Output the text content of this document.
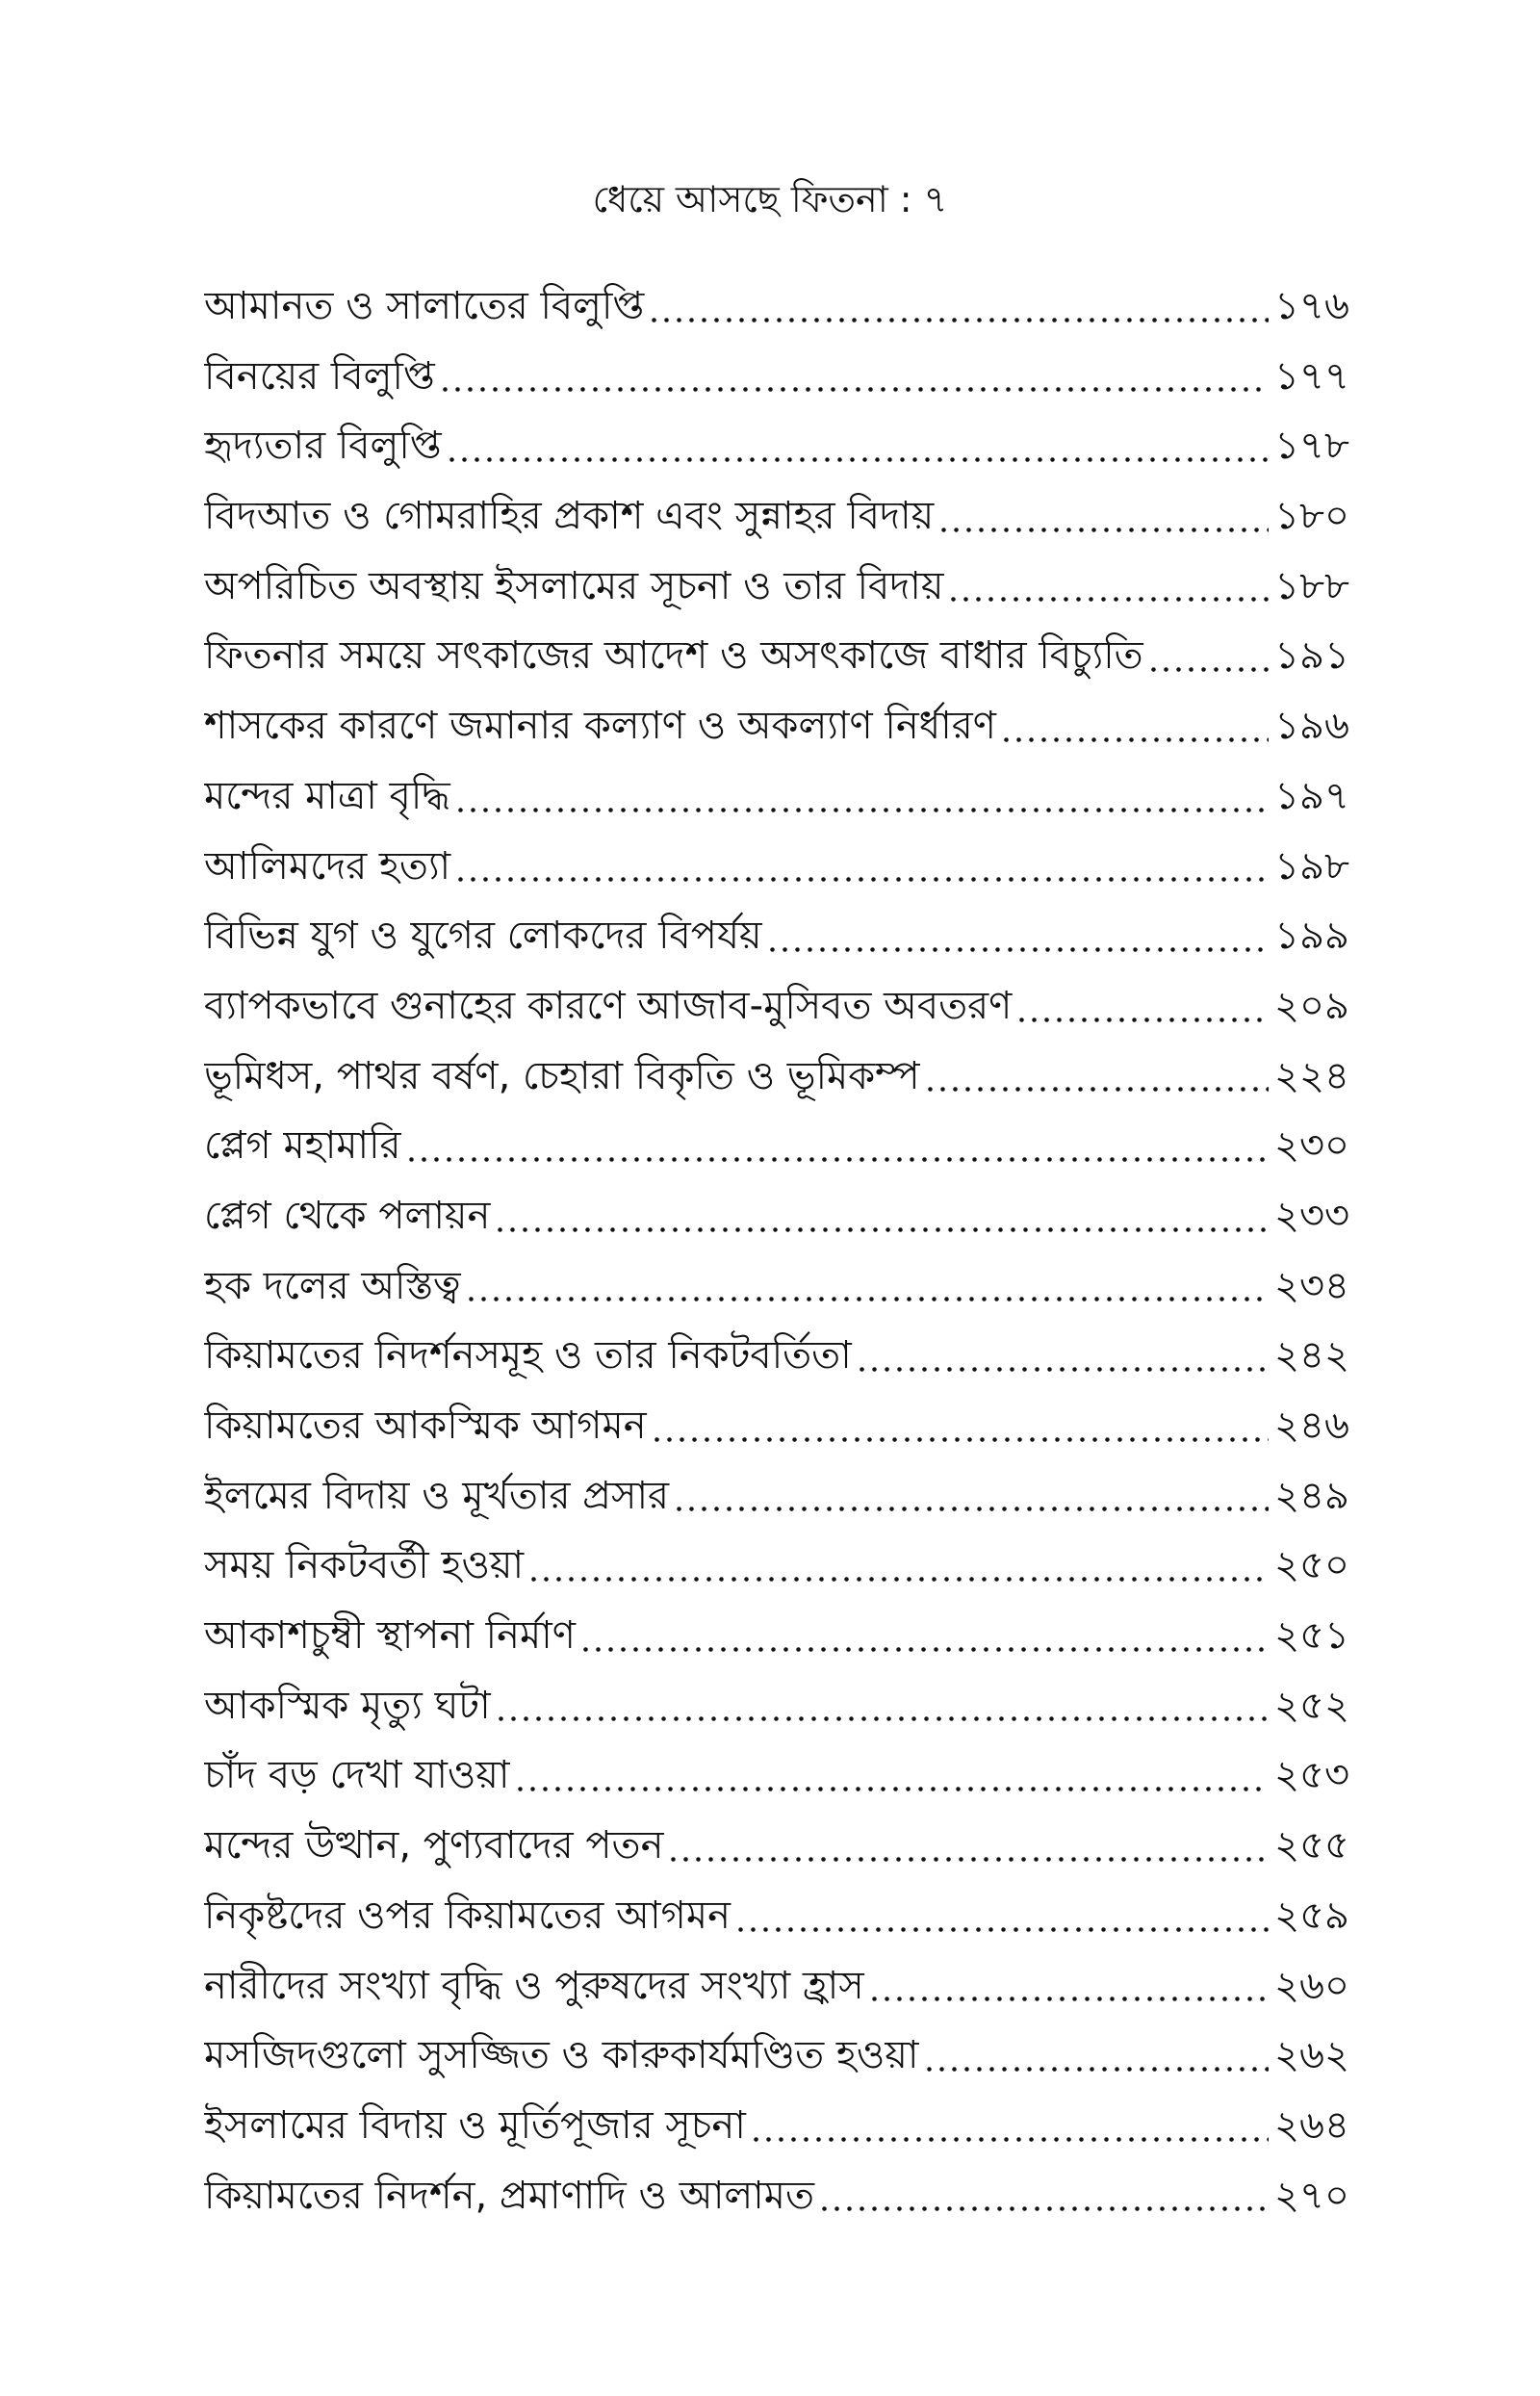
ধেয়ে আসছে ফিতনা : ৭
আমানত ও সালাতের বিলুপ্তি	১৭৬
বিনয়ের বিলুপ্তি	১৭৭
হৃদ্যতার বিলুপ্তি	১৭৮
বিদআত ও গোমরাহির প্রকাশ এবং সুন্নাহর বিদায়	১৮০
অপরিচিত অবস্থায় ইসলামের সূচনা ও তার বিদায়	১৮৮
ফিতনার সময়ে সৎকাজের আদেশ ও অসৎকাজে বাধার বিচ্যুতি	১৯১
শাসকের কারণে জমানার কল্যাণ ও অকল্যাণ নির্ধারণ	১৯৬
মন্দের মাত্রা বৃদ্ধি	১৯৭
আলিমদের হত্যা	১৯৮
বিভিন্ন যুগ ও যুগের লোকদের বিপর্যয়	১৯৯
ব্যাপকভাবে গুনাহের কারণে আজাব-মুসিবত অবতরণ	২০৯
ভূমিধস, পাথর বর্ষণ, চেহারা বিকৃতি ও ভূমিকম্প	২২৪
প্লেগ মহামারি	২৩০
প্লেগ থেকে পলায়ন	২৩৩
হক দলের অস্তিত্ব	২৩৪
কিয়ামতের নিদর্শনসমূহ ও তার নিকটবর্তিতা	২৪২
কিয়ামতের আকস্মিক আগমন	২৪৬
ইলমের বিদায় ও মূর্খতার প্রসার	২৪৯
সময় নিকটবর্তী হওয়া	২৫০
আকাশচুম্বী স্থাপনা নির্মাণ	২৫১
আকস্মিক মৃত্যু ঘটা	২৫২
চাঁদ বড় দেখা যাওয়া	২৫৩
মন্দের উত্থান, পুণ্যবাদের পতন	২৫৫
নিকৃষ্টদের ওপর কিয়ামতের আগমন	২৫৯
নারীদের সংখ্যা বৃদ্ধি ও পুরুষদের সংখ্যা হ্রাস	২৬০
মসজিদগুলো সুসজ্জিত ও কারুকার্যমণ্ডিত হওয়া	২৬২
ইসলামের বিদায় ও মূর্তিপূজার সূচনা	২৬৪
কিয়ামতের নিদর্শন, প্রমাণাদি ও আলামত	২৭০
